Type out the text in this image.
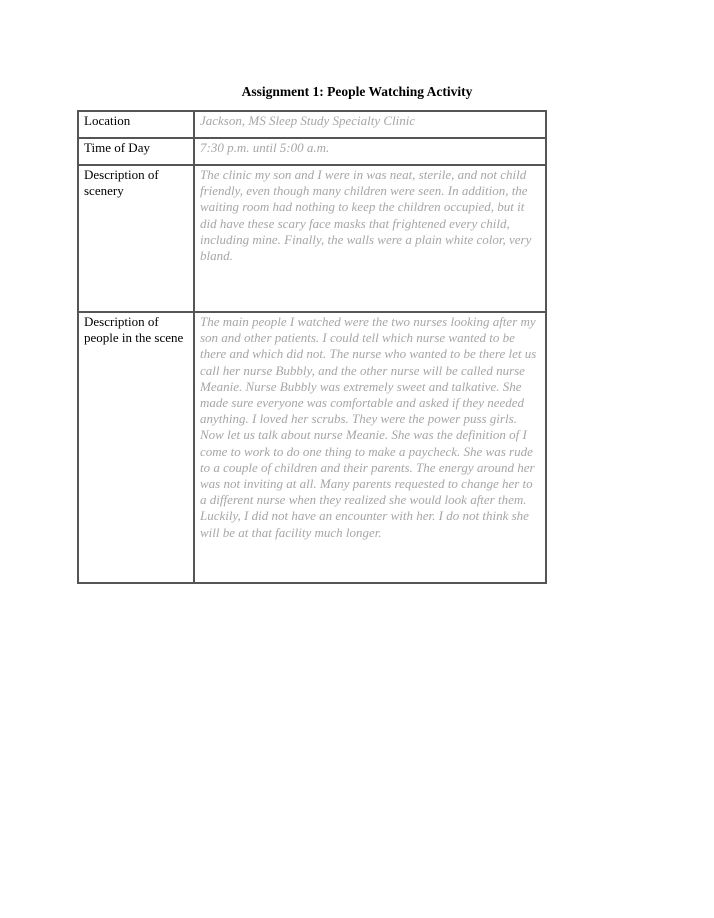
Assignment 1: People Watching Activity
Location	Jackson, MS Sleep Study Specialty Clinic
Time of Day	7:30 p.m. until 5:00 a.m.
Description of scenery	The clinic my son and I were in was neat, sterile, and not child friendly, even though many children were seen. In addition, the waiting room had nothing to keep the children occupied, but it did have these scary face masks that frightened every child, including mine. Finally, the walls were a plain white color, very bland.
Description of people in the scene	The main people I watched were the two nurses looking after my son and other patients. I could tell which nurse wanted to be there and which did not. The nurse who wanted to be there let us call her nurse Bubbly, and the other nurse will be called nurse Meanie. Nurse Bubbly was extremely sweet and talkative. She made sure everyone was comfortable and asked if they needed anything. I loved her scrubs. They were the power puss girls. Now let us talk about nurse Meanie. She was the definition of I come to work to do one thing to make a paycheck. She was rude to a couple of children and their parents. The energy around her was not inviting at all. Many parents requested to change her to a different nurse when they realized she would look after them. Luckily, I did not have an encounter with her. I do not think she will be at that facility much longer.
